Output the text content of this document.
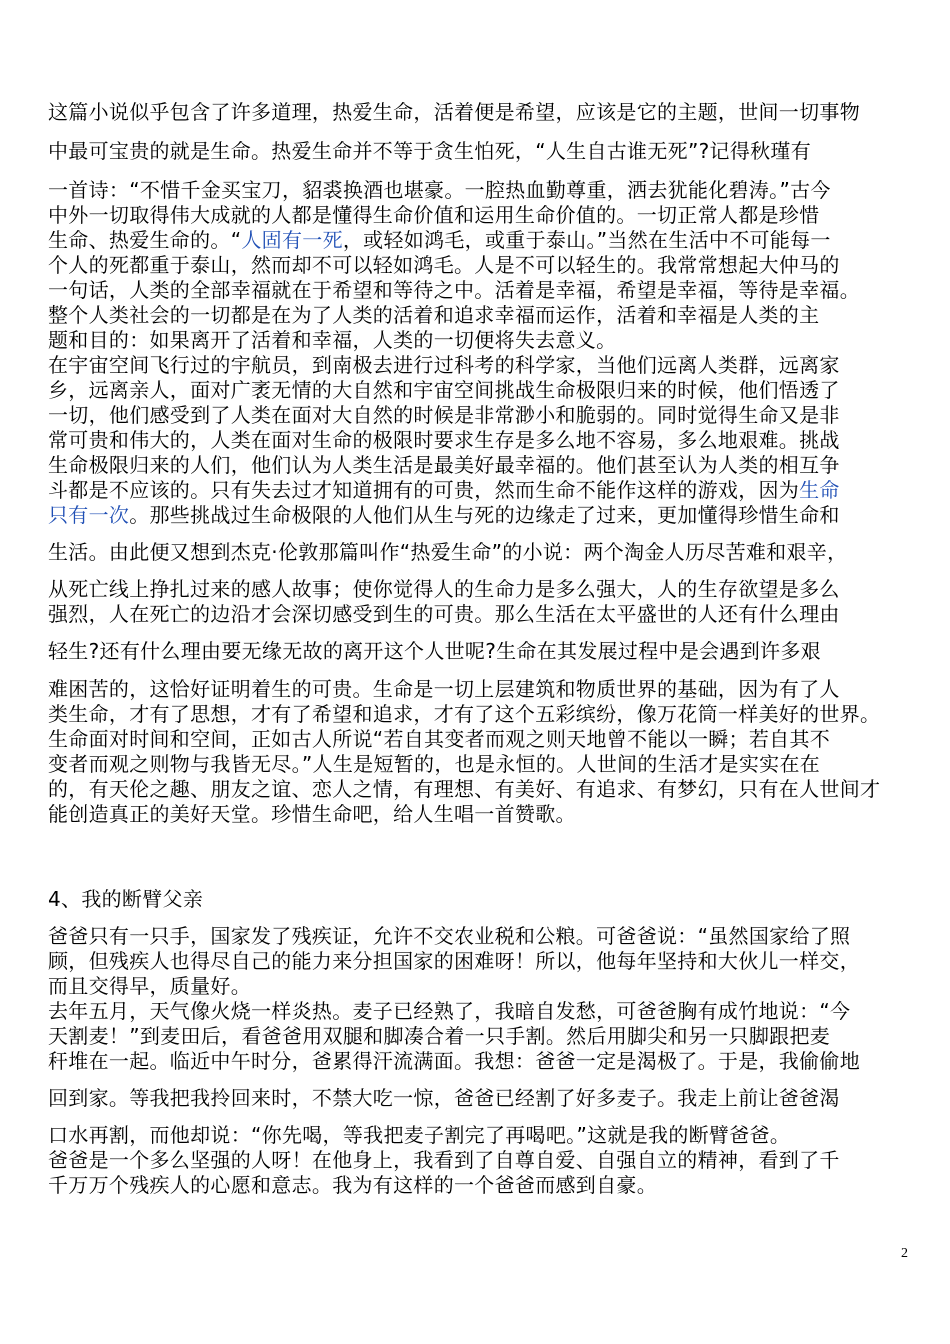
这篇小说似乎包含了许多道理，热爱生命，活着便是希望，应该是它的主题，世间一切事物
中最可宝贵的就是生命。热爱生命并不等于贪生怕死，“人生自古谁无死”?记得秋瑾有
一首诗：“不惜千金买宝刀，貂裘换酒也堪豪。一腔热血勤尊重，洒去犹能化碧涛。”古今
中外一切取得伟大成就的人都是懂得生命价值和运用生命价值的。一切正常人都是珍惜
生命、热爱生命的。“人固有一死，或轻如鸿毛，或重于泰山。”当然在生活中不可能每一
个人的死都重于泰山，然而却不可以轻如鸿毛。人是不可以轻生的。我常常想起大仲马的
一句话，人类的全部幸福就在于希望和等待之中。活着是幸福，希望是幸福，等待是幸福。
整个人类社会的一切都是在为了人类的活着和追求幸福而运作，活着和幸福是人类的主
题和目的：如果离开了活着和幸福，人类的一切便将失去意义。
在宇宙空间飞行过的宇航员，到南极去进行过科考的科学家，当他们远离人类群，远离家
乡，远离亲人，面对广袤无情的大自然和宇宙空间挑战生命极限归来的时候，他们悟透了
一切，他们感受到了人类在面对大自然的时候是非常渺小和脆弱的。同时觉得生命又是非
常可贵和伟大的，人类在面对生命的极限时要求生存是多么地不容易，多么地艰难。挑战
生命极限归来的人们，他们认为人类生活是最美好最幸福的。他们甚至认为人类的相互争
斗都是不应该的。只有失去过才知道拥有的可贵，然而生命不能作这样的游戏，因为生命
只有一次。那些挑战过生命极限的人他们从生与死的边缘走了过来，更加懂得珍惜生命和
生活。由此便又想到杰克·伦敦那篇叫作“热爱生命”的小说：两个淘金人历尽苦难和艰辛，
从死亡线上挣扎过来的感人故事；使你觉得人的生命力是多么强大，人的生存欲望是多么
强烈，人在死亡的边沿才会深切感受到生的可贵。那么生活在太平盛世的人还有什么理由
轻生?还有什么理由要无缘无故的离开这个人世呢?生命在其发展过程中是会遇到许多艰
难困苦的，这恰好证明着生的可贵。生命是一切上层建筑和物质世界的基础，因为有了人
类生命，才有了思想，才有了希望和追求，才有了这个五彩缤纷，像万花筒一样美好的世界。
生命面对时间和空间，正如古人所说“若自其变者而观之则天地曾不能以一瞬；若自其不
变者而观之则物与我皆无尽。”人生是短暂的，也是永恒的。人世间的生活才是实实在在
的，有天伦之趣、朋友之谊、恋人之情，有理想、有美好、有追求、有梦幻，只有在人世间才
能创造真正的美好天堂。珍惜生命吧，给人生唱一首赞歌。
4、我的断臂父亲
爸爸只有一只手，国家发了残疾证，允许不交农业税和公粮。可爸爸说：“虽然国家给了照
顾，但残疾人也得尽自己的能力来分担国家的困难呀！所以，他每年坚持和大伙儿一样交，
而且交得早，质量好。
去年五月，天气像火烧一样炎热。麦子已经熟了，我暗自发愁，可爸爸胸有成竹地说：“今
天割麦！”到麦田后，看爸爸用双腿和脚凑合着一只手割。然后用脚尖和另一只脚跟把麦
秆堆在一起。临近中午时分，爸累得汗流满面。我想：爸爸一定是渴极了。于是，我偷偷地
回到家。等我把我拎回来时，不禁大吃一惊，爸爸已经割了好多麦子。我走上前让爸爸渴
口水再割，而他却说：“你先喝，等我把麦子割完了再喝吧。”这就是我的断臂爸爸。
爸爸是一个多么坚强的人呀！在他身上，我看到了自尊自爱、自强自立的精神，看到了千
千万万个残疾人的心愿和意志。我为有这样的一个爸爸而感到自豪。
2
